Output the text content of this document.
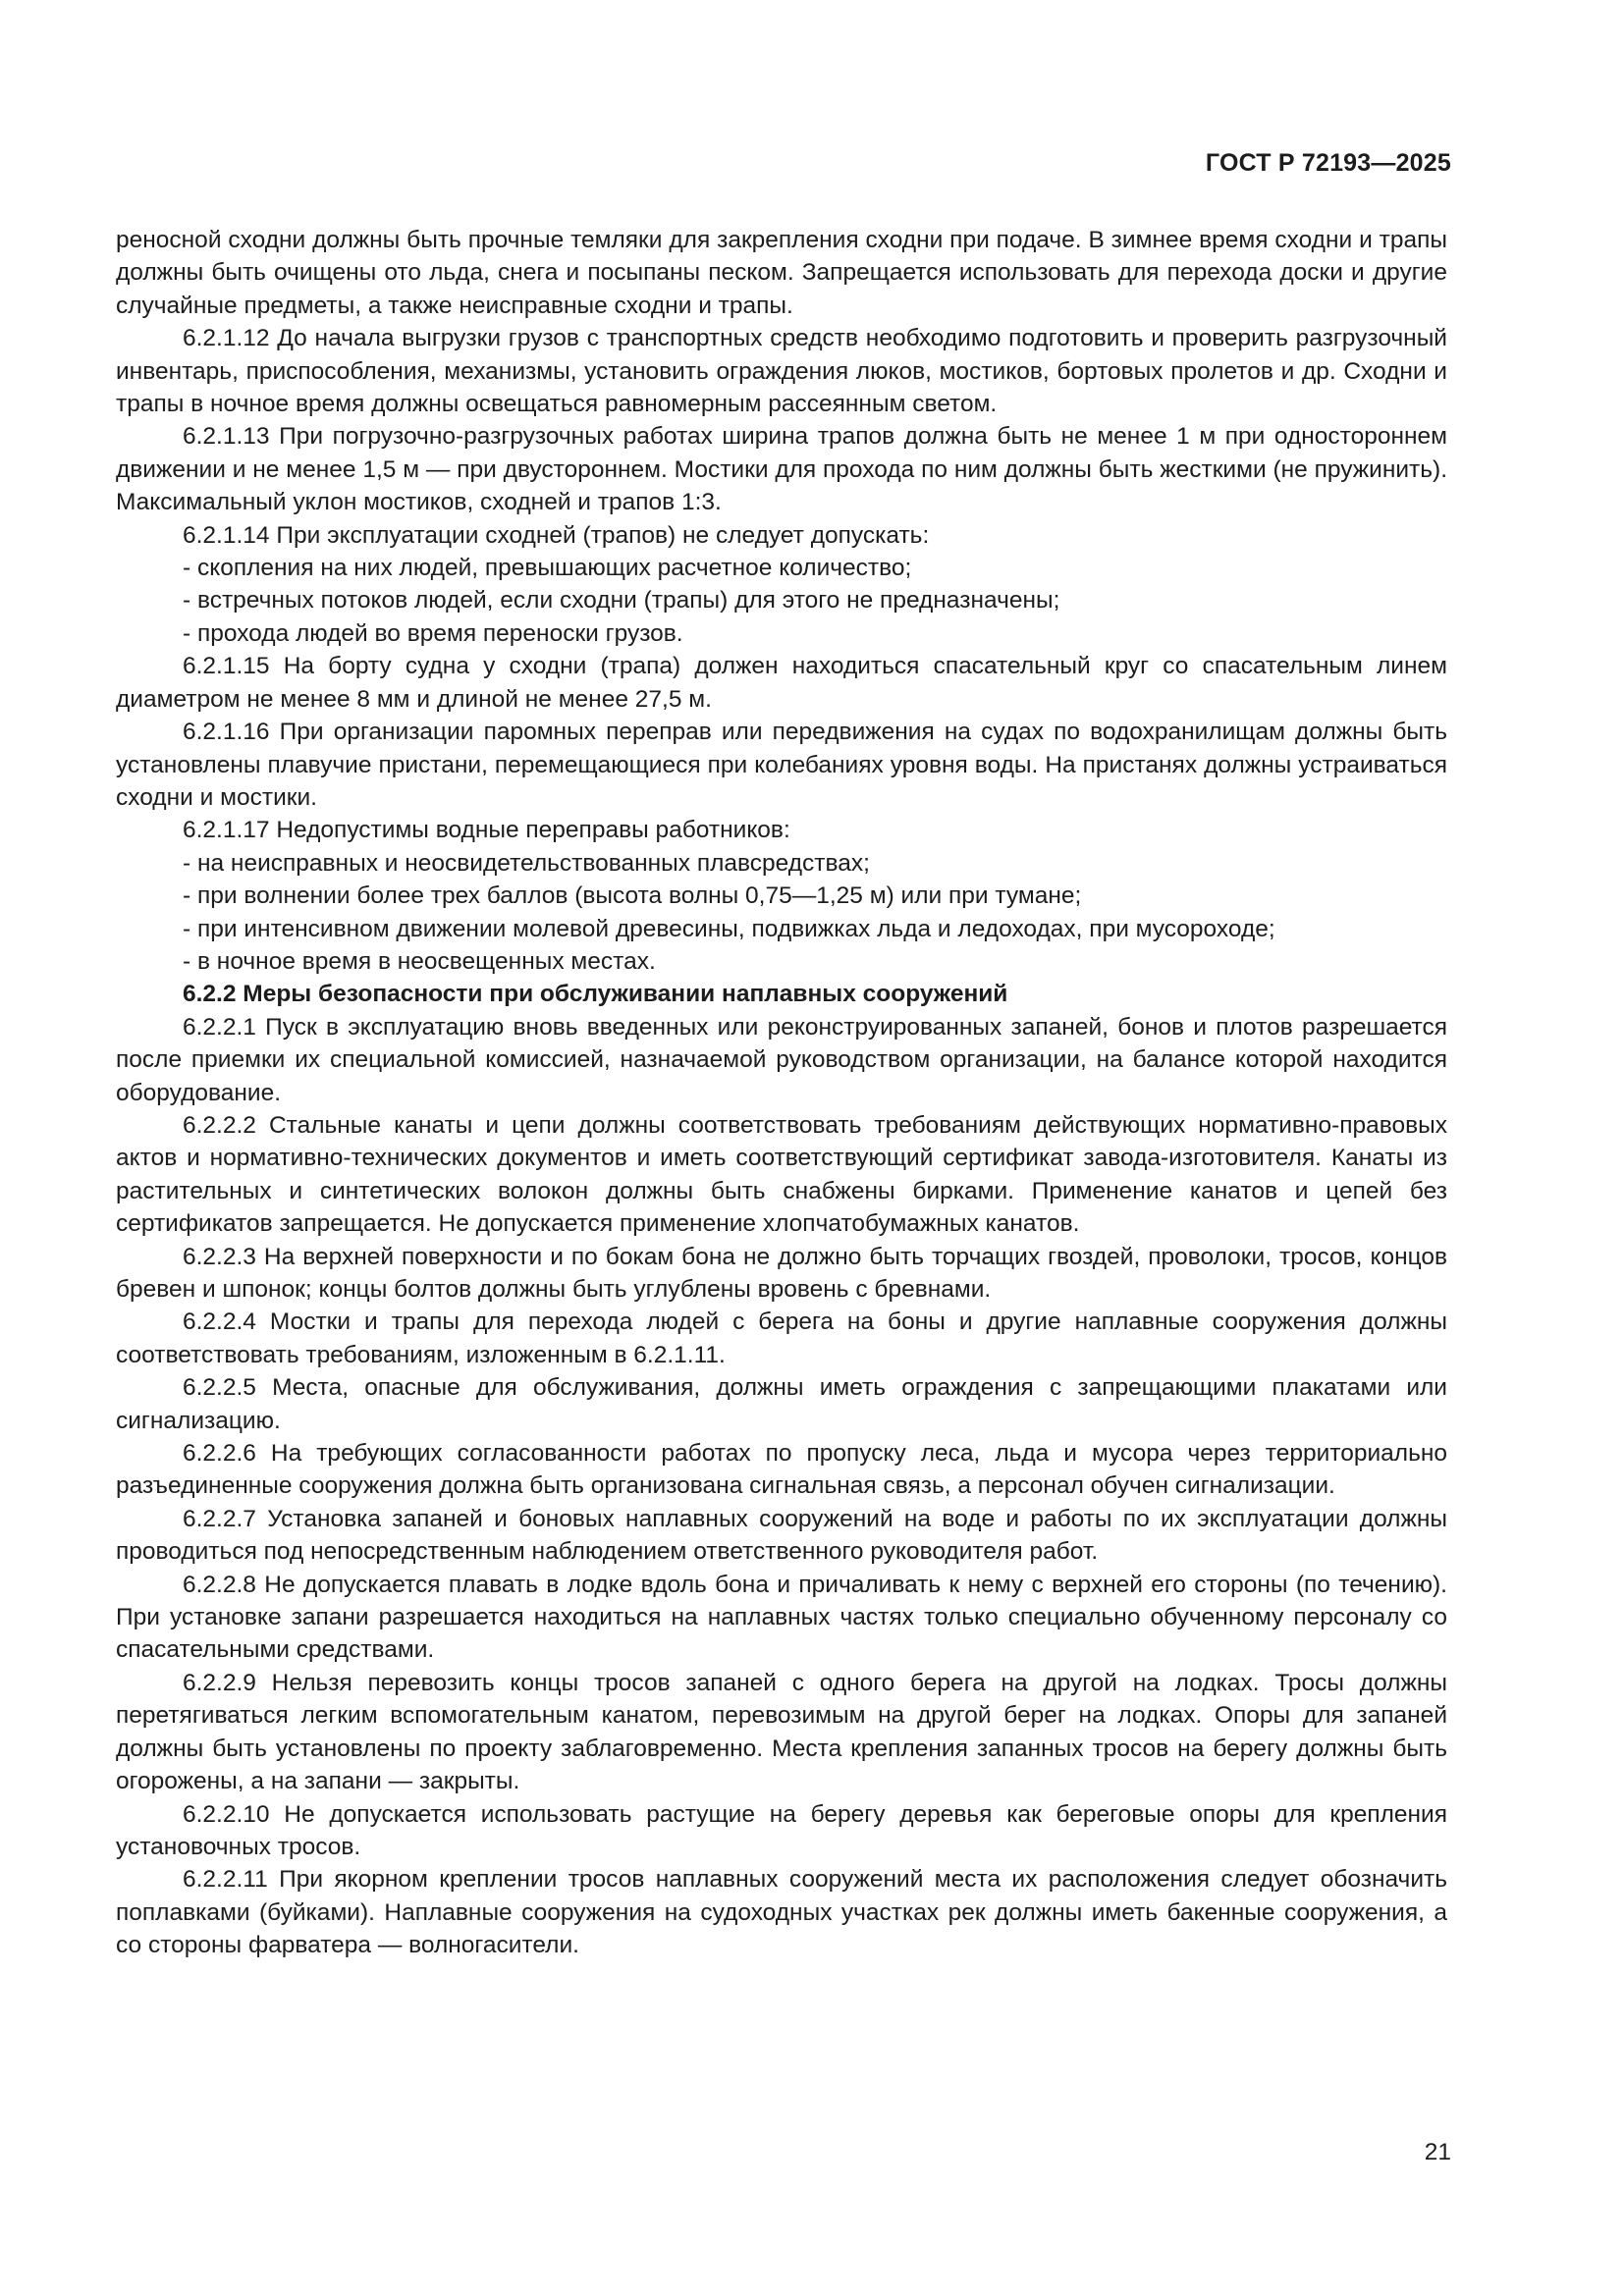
ГОСТ Р 72193—2025

реносной сходни должны быть прочные темляки для закрепления сходни при подаче. В зимнее время сходни и трапы должны быть очищены ото льда, снега и посыпаны песком. Запрещается использовать для перехода доски и другие случайные предметы, а также неисправные сходни и трапы.

6.2.1.12 До начала выгрузки грузов с транспортных средств необходимо подготовить и проверить разгрузочный инвентарь, приспособления, механизмы, установить ограждения люков, мостиков, бортовых пролетов и др. Сходни и трапы в ночное время должны освещаться равномерным рассеянным светом.

6.2.1.13 При погрузочно-разгрузочных работах ширина трапов должна быть не менее 1 м при одностороннем движении и не менее 1,5 м — при двустороннем. Мостики для прохода по ним должны быть жесткими (не пружинить). Максимальный уклон мостиков, сходней и трапов 1:3.

6.2.1.14 При эксплуатации сходней (трапов) не следует допускать:

- скопления на них людей, превышающих расчетное количество;

- встречных потоков людей, если сходни (трапы) для этого не предназначены;

- прохода людей во время переноски грузов.

6.2.1.15 На борту судна у сходни (трапа) должен находиться спасательный круг со спасательным линем диаметром не менее 8 мм и длиной не менее 27,5 м.

6.2.1.16 При организации паромных переправ или передвижения на судах по водохранилищам должны быть установлены плавучие пристани, перемещающиеся при колебаниях уровня воды. На пристанях должны устраиваться сходни и мостики.

6.2.1.17 Недопустимы водные переправы работников:

- на неисправных и неосвидетельствованных плавсредствах;

- при волнении более трех баллов (высота волны 0,75—1,25 м) или при тумане;

- при интенсивном движении молевой древесины, подвижках льда и ледоходах, при мусороходе;

- в ночное время в неосвещенных местах.

6.2.2 Меры безопасности при обслуживании наплавных сооружений

6.2.2.1 Пуск в эксплуатацию вновь введенных или реконструированных запаней, бонов и плотов разрешается после приемки их специальной комиссией, назначаемой руководством организации, на балансе которой находится оборудование.

6.2.2.2 Стальные канаты и цепи должны соответствовать требованиям действующих нормативно-правовых актов и нормативно-технических документов и иметь соответствующий сертификат завода-изготовителя. Канаты из растительных и синтетических волокон должны быть снабжены бирками. Применение канатов и цепей без сертификатов запрещается. Не допускается применение хлопчатобумажных канатов.

6.2.2.3 На верхней поверхности и по бокам бона не должно быть торчащих гвоздей, проволоки, тросов, концов бревен и шпонок; концы болтов должны быть углублены вровень с бревнами.

6.2.2.4 Мостки и трапы для перехода людей с берега на боны и другие наплавные сооружения должны соответствовать требованиям, изложенным в 6.2.1.11.

6.2.2.5 Места, опасные для обслуживания, должны иметь ограждения с запрещающими плакатами или сигнализацию.

6.2.2.6 На требующих согласованности работах по пропуску леса, льда и мусора через территориально разъединенные сооружения должна быть организована сигнальная связь, а персонал обучен сигнализации.

6.2.2.7 Установка запаней и боновых наплавных сооружений на воде и работы по их эксплуатации должны проводиться под непосредственным наблюдением ответственного руководителя работ.

6.2.2.8 Не допускается плавать в лодке вдоль бона и причаливать к нему с верхней его стороны (по течению). При установке запани разрешается находиться на наплавных частях только специально обученному персоналу со спасательными средствами.

6.2.2.9 Нельзя перевозить концы тросов запаней с одного берега на другой на лодках. Тросы должны перетягиваться легким вспомогательным канатом, перевозимым на другой берег на лодках. Опоры для запаней должны быть установлены по проекту заблаговременно. Места крепления запанных тросов на берегу должны быть огорожены, а на запани — закрыты.

6.2.2.10 Не допускается использовать растущие на берегу деревья как береговые опоры для крепления установочных тросов.

6.2.2.11 При якорном креплении тросов наплавных сооружений места их расположения следует обозначить поплавками (буйками). Наплавные сооружения на судоходных участках рек должны иметь бакенные сооружения, а со стороны фарватера — волногасители.

21
